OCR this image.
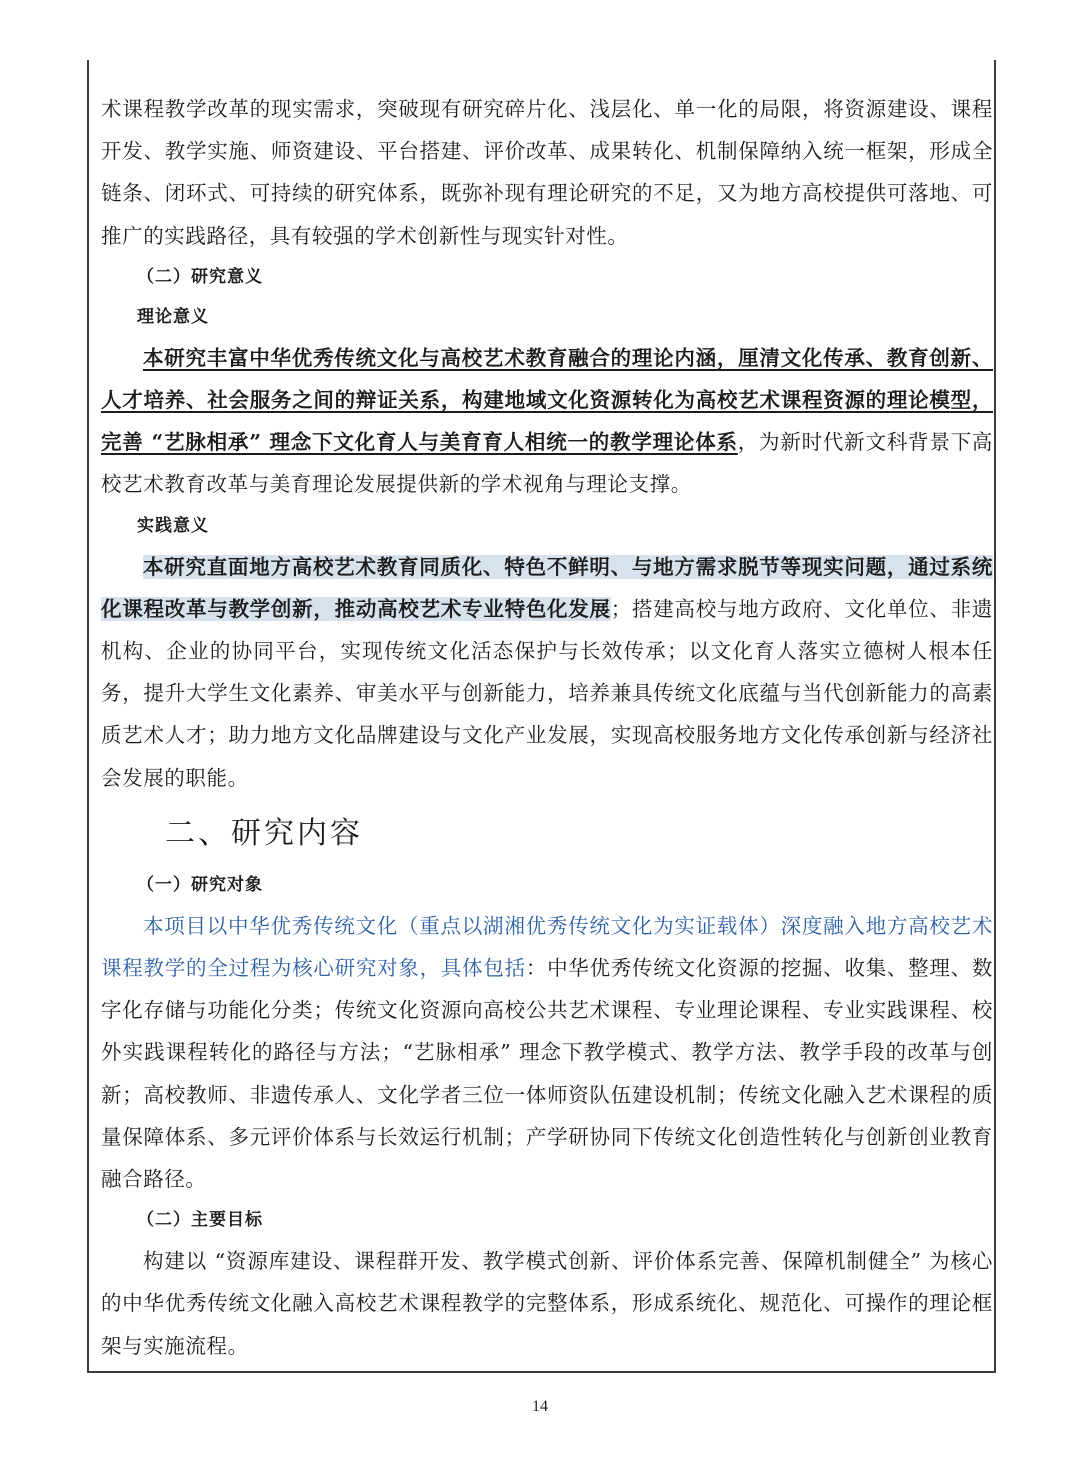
术课程教学改革的现实需求，突破现有研究碎片化、浅层化、单一化的局限，将资源建设、课程开发、教学实施、师资建设、平台搭建、评价改革、成果转化、机制保障纳入统一框架，形成全链条、闭环式、可持续的研究体系，既弥补现有理论研究的不足，又为地方高校提供可落地、可推广的实践路径，具有较强的学术创新性与现实针对性。

（二）研究意义

理论意义

本研究丰富中华优秀传统文化与高校艺术教育融合的理论内涵，厘清文化传承、教育创新、人才培养、社会服务之间的辩证关系，构建地域文化资源转化为高校艺术课程资源的理论模型，完善 “艺脉相承” 理念下文化育人与美育育人相统一的教学理论体系，为新时代新文科背景下高校艺术教育改革与美育理论发展提供新的学术视角与理论支撑。

实践意义

本研究直面地方高校艺术教育同质化、特色不鲜明、与地方需求脱节等现实问题，通过系统化课程改革与教学创新，推动高校艺术专业特色化发展；搭建高校与地方政府、文化单位、非遗机构、企业的协同平台，实现传统文化活态保护与长效传承；以文化育人落实立德树人根本任务，提升大学生文化素养、审美水平与创新能力，培养兼具传统文化底蕴与当代创新能力的高素质艺术人才；助力地方文化品牌建设与文化产业发展，实现高校服务地方文化传承创新与经济社会发展的职能。

二、研究内容

（一）研究对象

本项目以中华优秀传统文化（重点以湖湘优秀传统文化为实证载体）深度融入地方高校艺术课程教学的全过程为核心研究对象，具体包括：中华优秀传统文化资源的挖掘、收集、整理、数字化存储与功能化分类；传统文化资源向高校公共艺术课程、专业理论课程、专业实践课程、校外实践课程转化的路径与方法；“艺脉相承” 理念下教学模式、教学方法、教学手段的改革与创新；高校教师、非遗传承人、文化学者三位一体师资队伍建设机制；传统文化融入艺术课程的质量保障体系、多元评价体系与长效运行机制；产学研协同下传统文化创造性转化与创新创业教育融合路径。

（二）主要目标

构建以 “资源库建设、课程群开发、教学模式创新、评价体系完善、保障机制健全” 为核心的中华优秀传统文化融入高校艺术课程教学的完整体系，形成系统化、规范化、可操作的理论框架与实施流程。

14
